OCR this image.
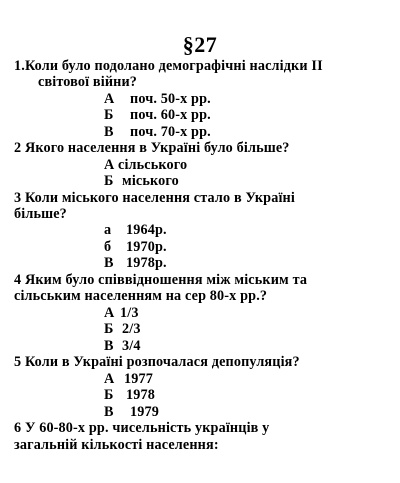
§27
1.Коли було подолано демографічні наслідки ІІ
світової війни?
А поч. 50-х рр.
Б поч. 60-х рр.
В поч. 70-х рр.
2 Якого населення в Україні було більше?
А сільського
Б міського
3 Коли міського населення стало в Україні
більше?
а 1964р.
б 1970р.
В 1978р.
4 Яким було співвідношення між міським та
сільським населенням на сер 80-х рр.?
А 1/3
Б 2/3
В 3/4
5 Коли в Україні розпочалася депопуляція?
А 1977
Б 1978
В 1979
6 У 60-80-х рр. чисельність українців у
загальній кількості населення:
